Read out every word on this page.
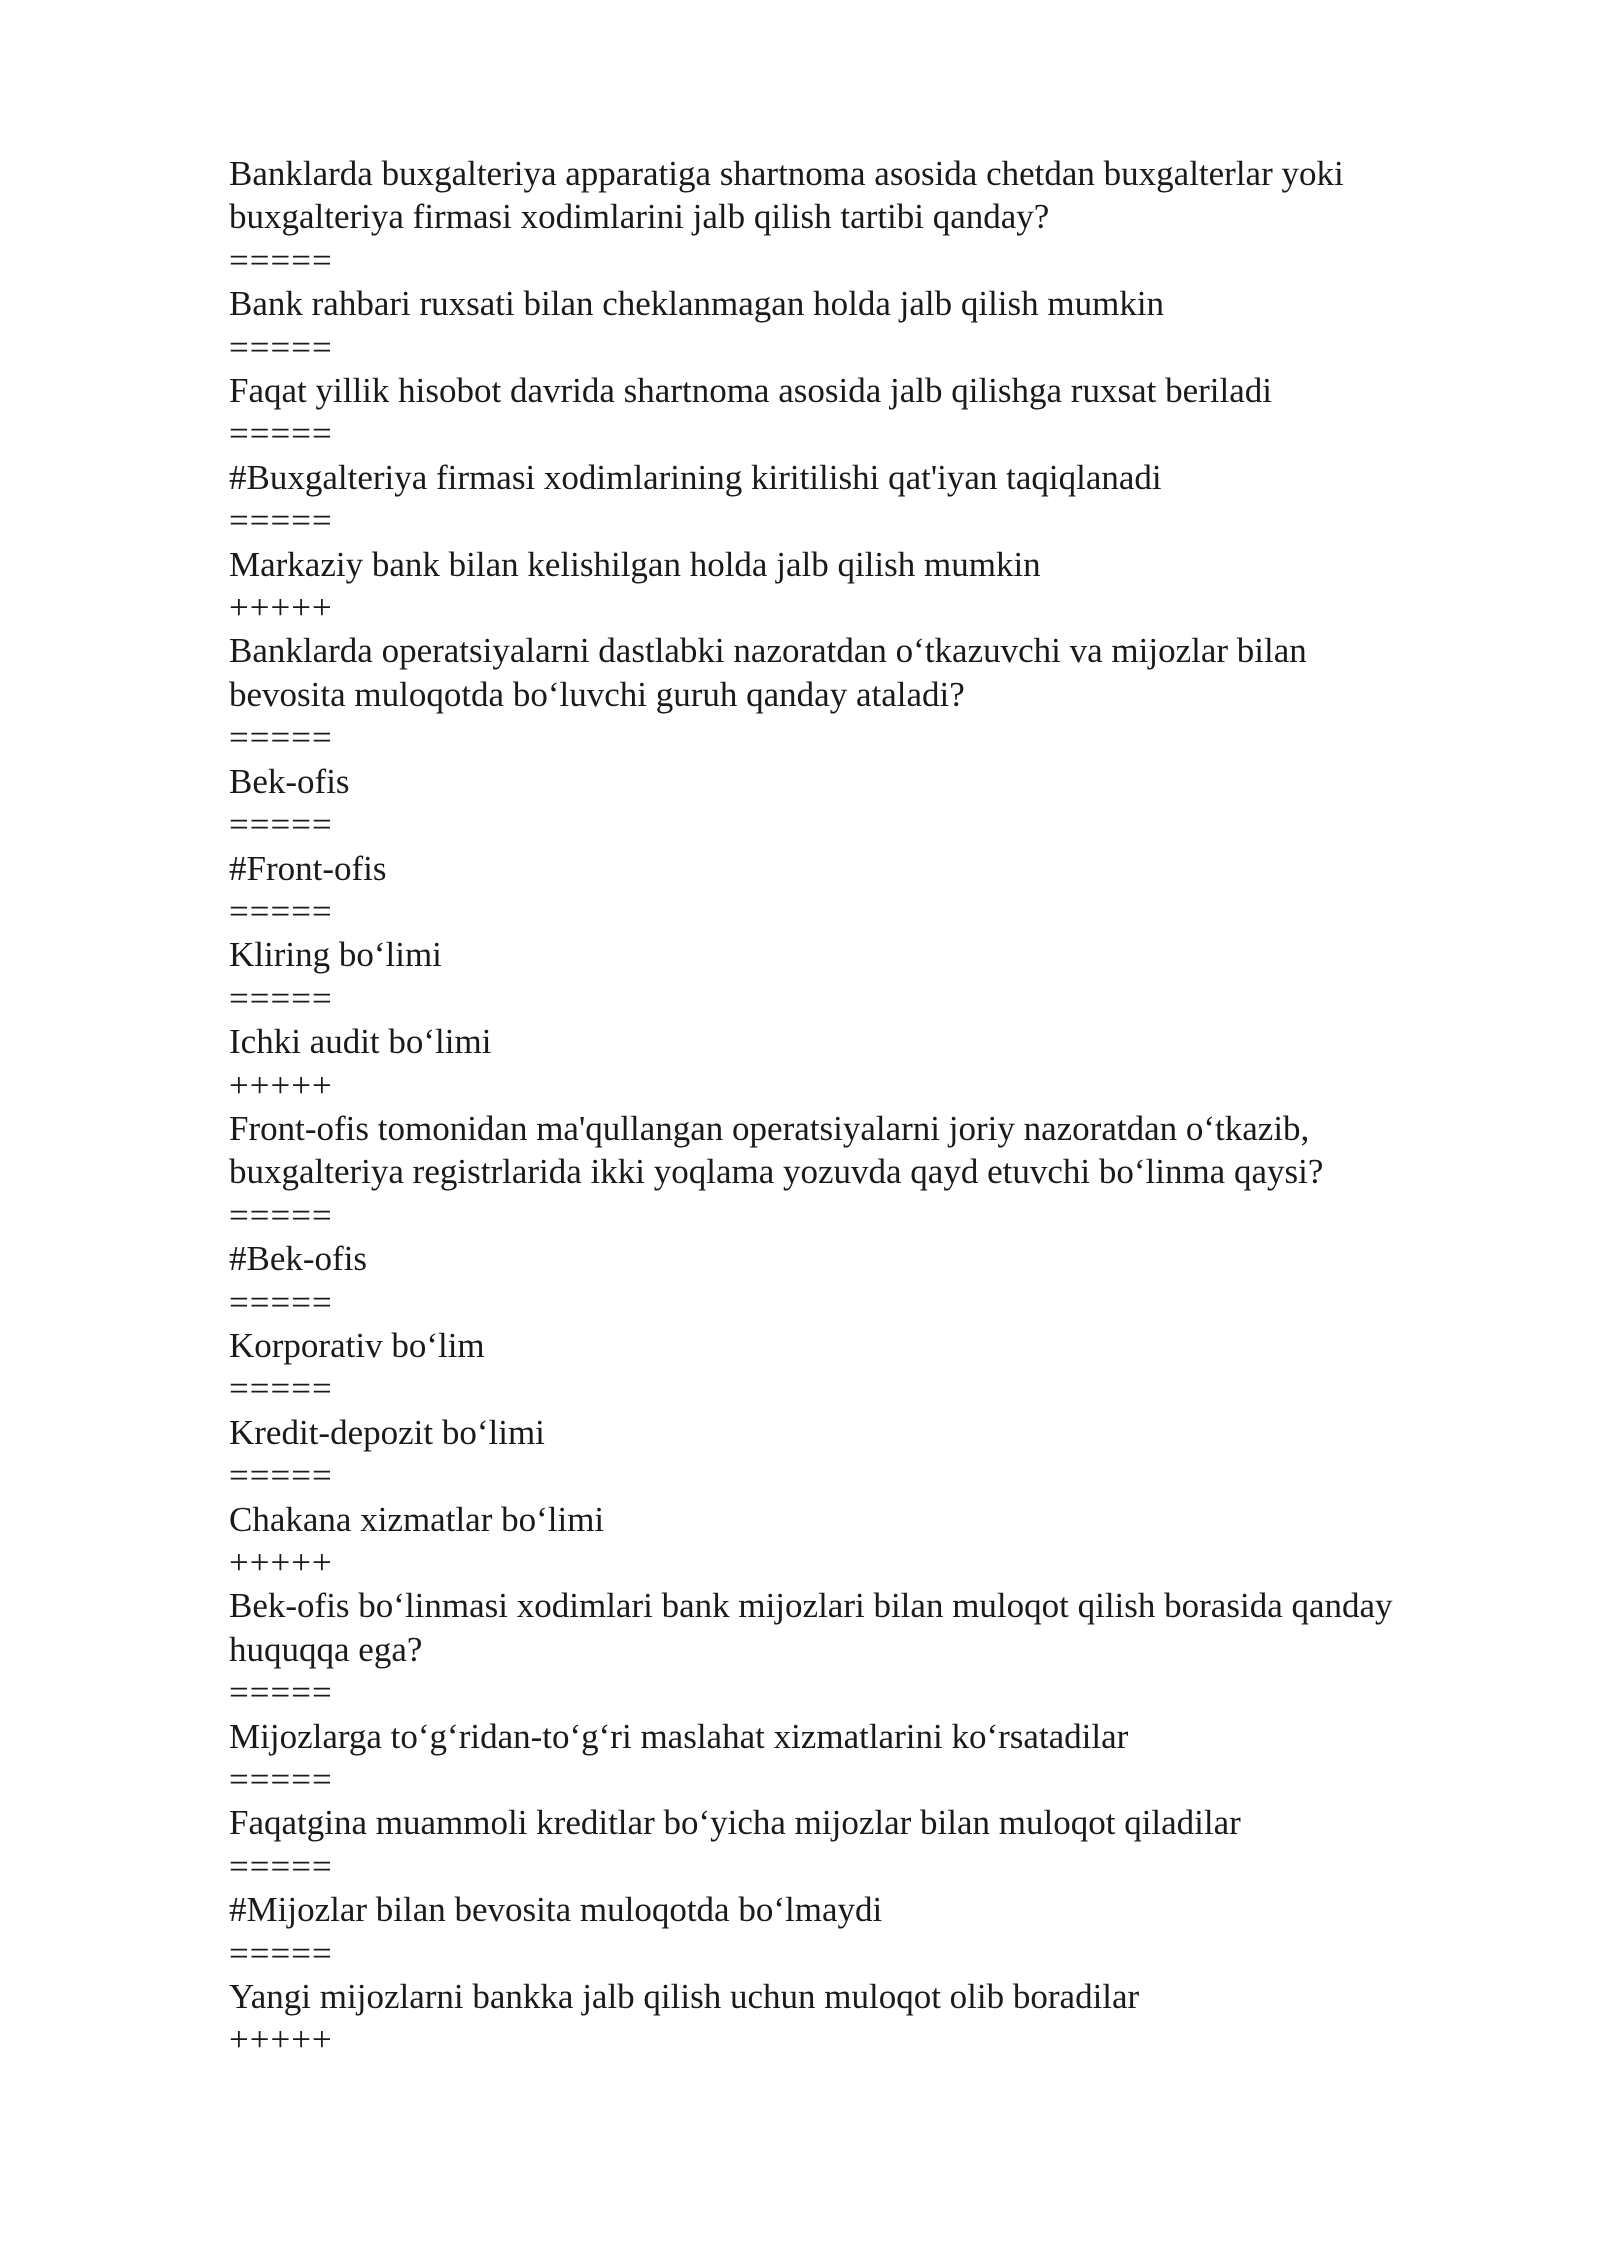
Banklarda buxgalteriya apparatiga shartnoma asosida chetdan buxgalterlar yoki
buxgalteriya firmasi xodimlarini jalb qilish tartibi qanday?
=====
Bank rahbari ruxsati bilan cheklanmagan holda jalb qilish mumkin
=====
Faqat yillik hisobot davrida shartnoma asosida jalb qilishga ruxsat beriladi
=====
#Buxgalteriya firmasi xodimlarining kiritilishi qat'iyan taqiqlanadi
=====
Markaziy bank bilan kelishilgan holda jalb qilish mumkin
+++++
Banklarda operatsiyalarni dastlabki nazoratdan o‘tkazuvchi va mijozlar bilan
bevosita muloqotda bo‘luvchi guruh qanday ataladi?
=====
Bek-ofis
=====
#Front-ofis
=====
Kliring bo‘limi
=====
Ichki audit bo‘limi
+++++
Front-ofis tomonidan ma'qullangan operatsiyalarni joriy nazoratdan o‘tkazib,
buxgalteriya registrlarida ikki yoqlama yozuvda qayd etuvchi bo‘linma qaysi?
=====
#Bek-ofis
=====
Korporativ bo‘lim
=====
Kredit-depozit bo‘limi
=====
Chakana xizmatlar bo‘limi
+++++
Bek-ofis bo‘linmasi xodimlari bank mijozlari bilan muloqot qilish borasida qanday
huquqqa ega?
=====
Mijozlarga to‘g‘ridan-to‘g‘ri maslahat xizmatlarini ko‘rsatadilar
=====
Faqatgina muammoli kreditlar bo‘yicha mijozlar bilan muloqot qiladilar
=====
#Mijozlar bilan bevosita muloqotda bo‘lmaydi
=====
Yangi mijozlarni bankka jalb qilish uchun muloqot olib boradilar
+++++
